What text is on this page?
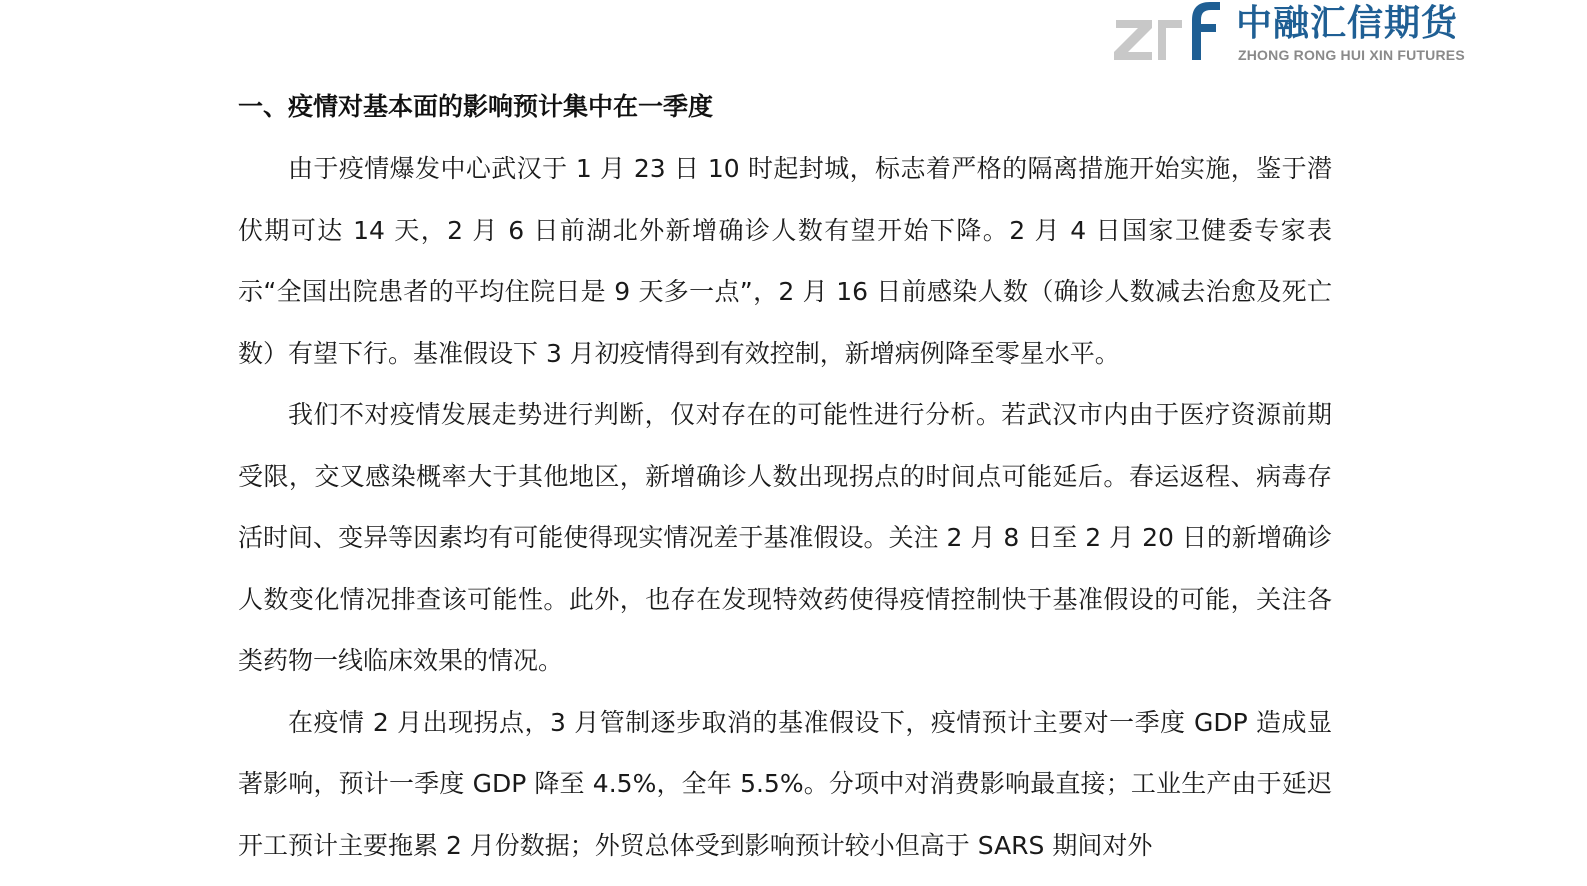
中融汇信期货
ZHONG RONG HUI XIN FUTURES
一、疫情对基本面的影响预计集中在一季度

由于疫情爆发中心武汉于 1 月 23 日 10 时起封城，标志着严格的隔离措施开始实施，鉴于潜伏期可达 14 天，2 月 6 日前湖北外新增确诊人数有望开始下降。2 月 4 日国家卫健委专家表示“全国出院患者的平均住院日是 9 天多一点”，2 月 16 日前感染人数（确诊人数减去治愈及死亡数）有望下行。基准假设下 3 月初疫情得到有效控制，新增病例降至零星水平。

我们不对疫情发展走势进行判断，仅对存在的可能性进行分析。若武汉市内由于医疗资源前期受限，交叉感染概率大于其他地区，新增确诊人数出现拐点的时间点可能延后。春运返程、病毒存活时间、变异等因素均有可能使得现实情况差于基准假设。关注 2 月 8 日至 2 月 20 日的新增确诊人数变化情况排查该可能性。此外，也存在发现特效药使得疫情控制快于基准假设的可能，关注各类药物一线临床效果的情况。

在疫情 2 月出现拐点，3 月管制逐步取消的基准假设下，疫情预计主要对一季度 GDP 造成显著影响，预计一季度 GDP 降至 4.5%，全年 5.5%。分项中对消费影响最直接；工业生产由于延迟开工预计主要拖累 2 月份数据；外贸总体受到影响预计较小但高于 SARS 期间对外
